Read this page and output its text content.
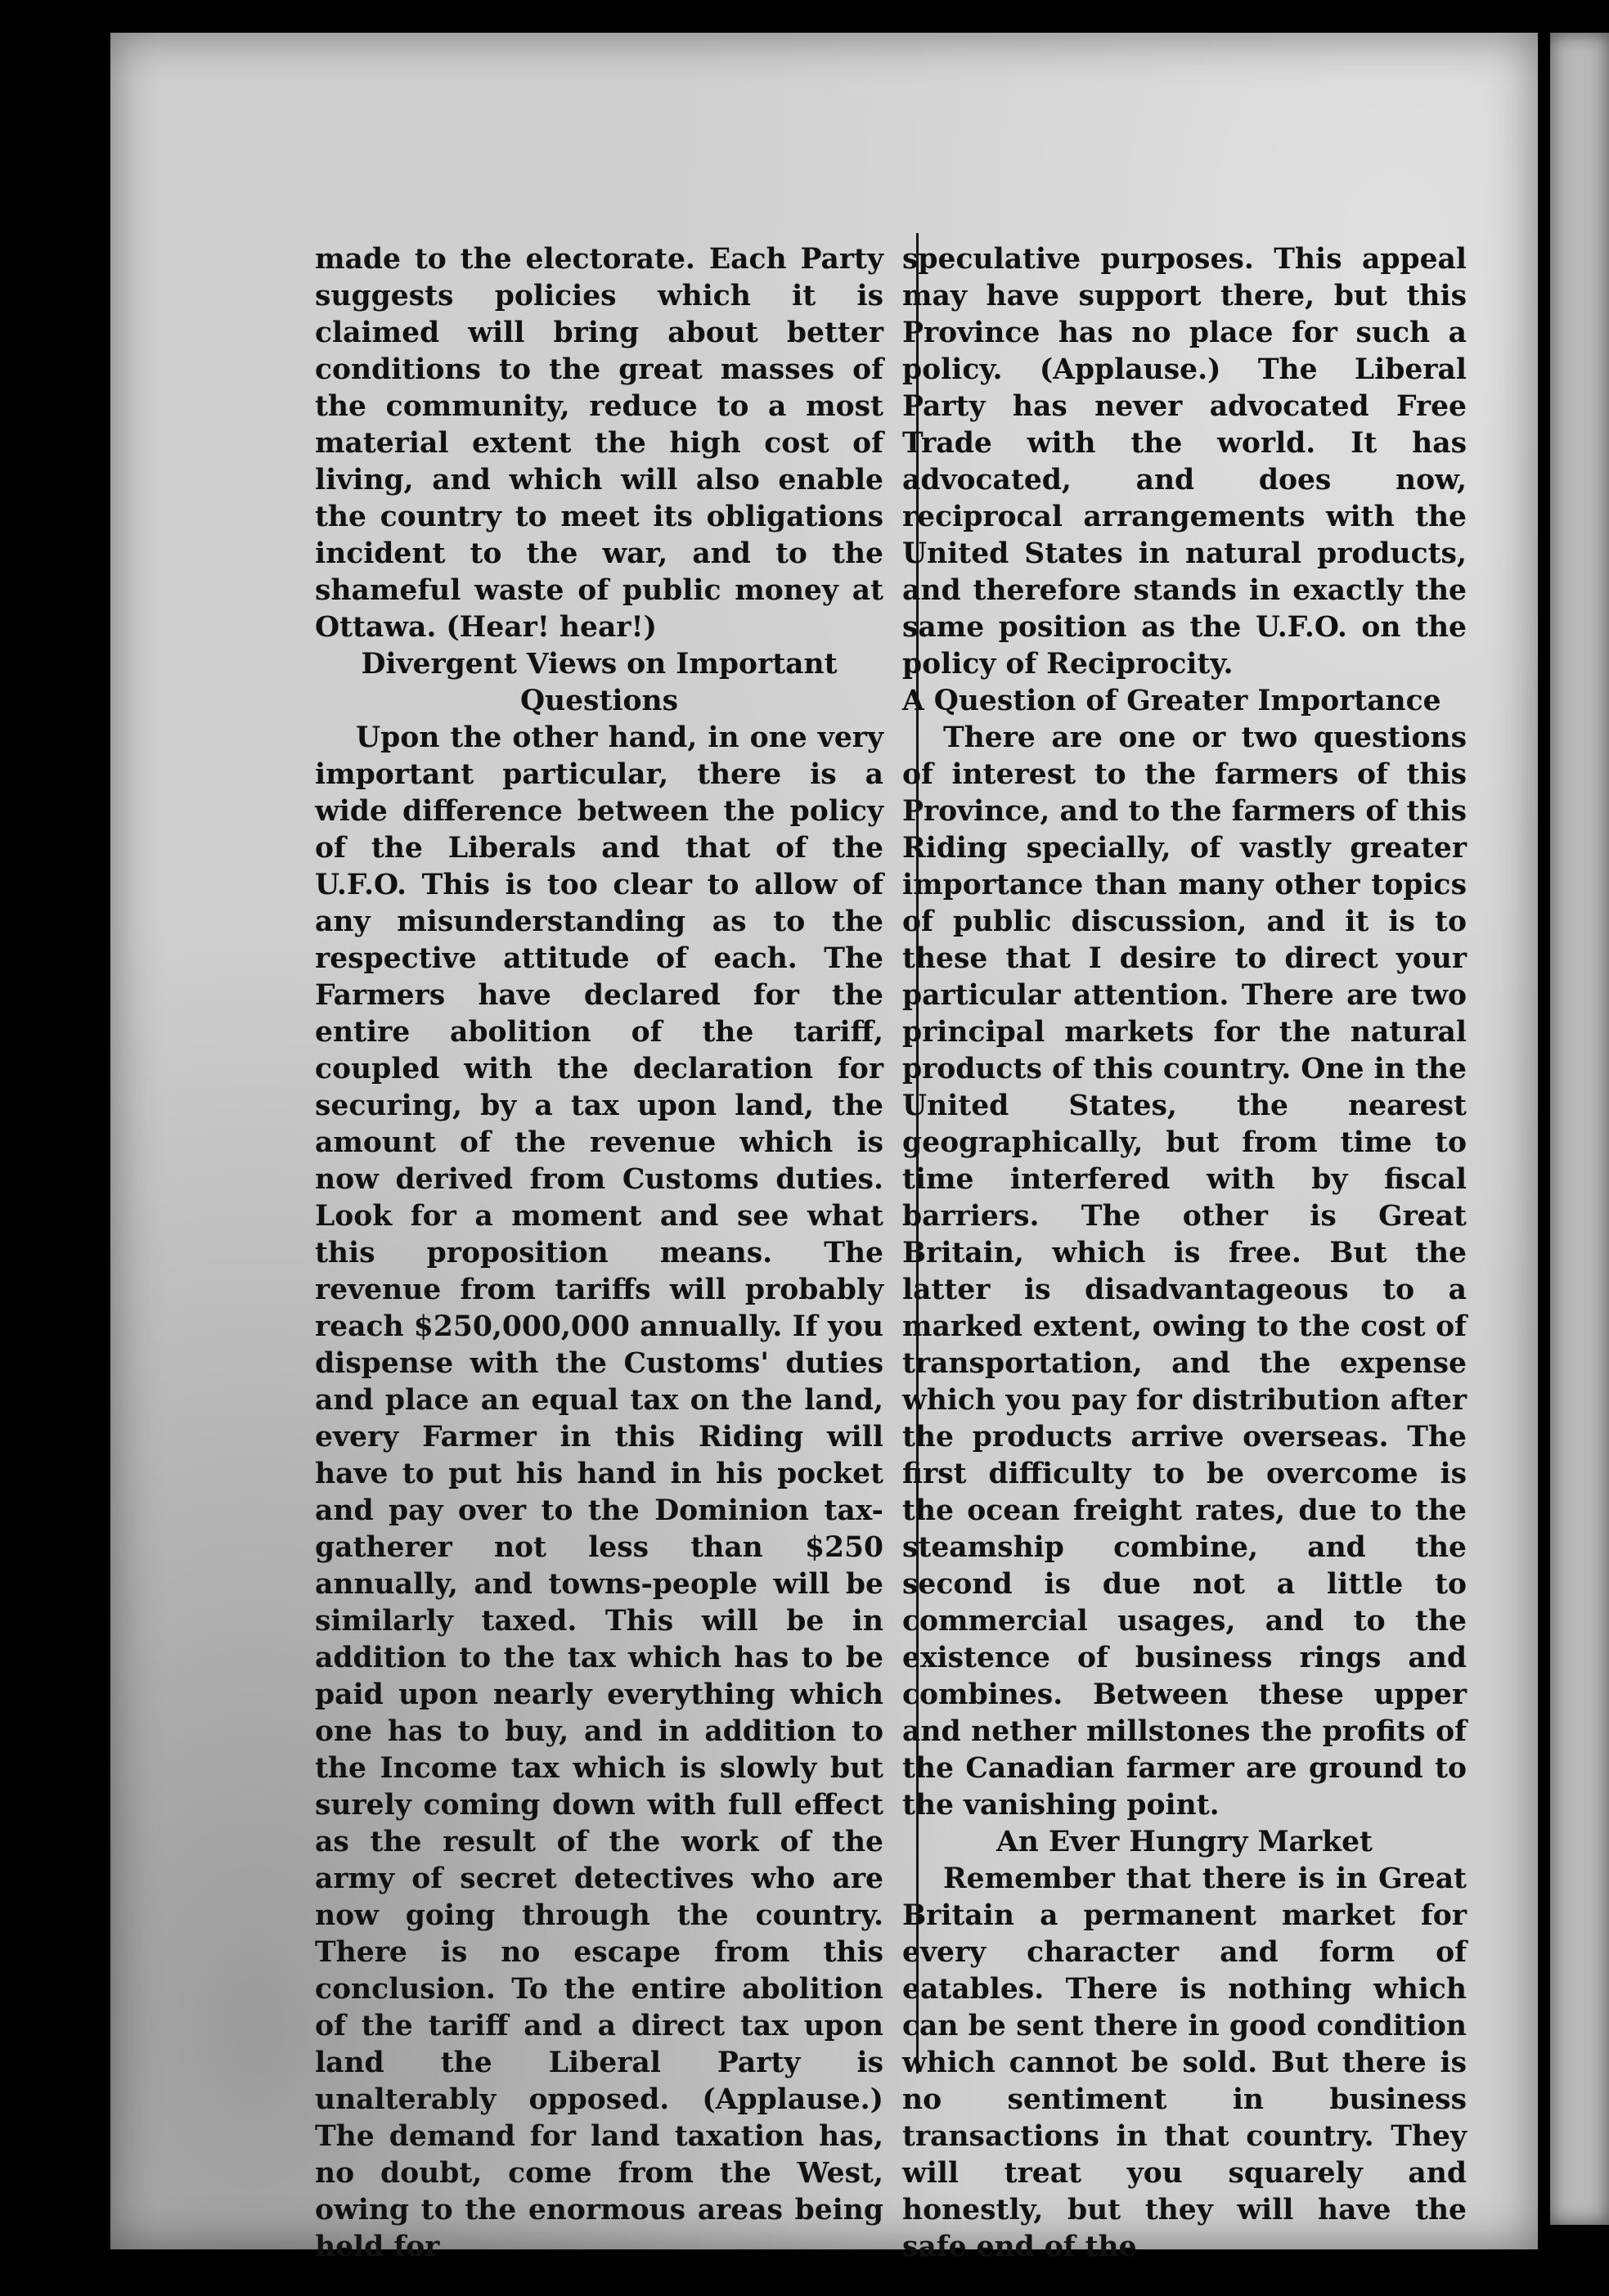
made to the electorate. Each Party suggests policies which it is claimed will bring about better conditions to the great masses of the community, reduce to a most material extent the high cost of living, and which will also enable the country to meet its obligations incident to the war, and to the shameful waste of public money at Ottawa. (Hear! hear!)

Divergent Views on Important Questions

Upon the other hand, in one very important particular, there is a wide difference between the policy of the Liberals and that of the U.F.O. This is too clear to allow of any misunderstanding as to the respective attitude of each. The Farmers have declared for the entire abolition of the tariff, coupled with the declaration for securing, by a tax upon land, the amount of the revenue which is now derived from Customs duties. Look for a moment and see what this proposition means. The revenue from tariffs will probably reach $250,000,000 annually. If you dispense with the Customs' duties and place an equal tax on the land, every Farmer in this Riding will have to put his hand in his pocket and pay over to the Dominion tax-gatherer not less than $250 annually, and towns-people will be similarly taxed. This will be in addition to the tax which has to be paid upon nearly everything which one has to buy, and in addition to the Income tax which is slowly but surely coming down with full effect as the result of the work of the army of secret detectives who are now going through the country. There is no escape from this conclusion. To the entire abolition of the tariff and a direct tax upon land the Liberal Party is unalterably opposed. (Applause.) The demand for land taxation has, no doubt, come from the West, owing to the enormous areas being held for

speculative purposes. This appeal may have support there, but this Province has no place for such a policy. (Applause.) The Liberal Party has never advocated Free Trade with the world. It has advocated, and does now, reciprocal arrangements with the United States in natural products, and therefore stands in exactly the same position as the U.F.O. on the policy of Reciprocity.

A Question of Greater Importance

There are one or two questions of interest to the farmers of this Province, and to the farmers of this Riding specially, of vastly greater importance than many other topics of public discussion, and it is to these that I desire to direct your particular attention. There are two principal markets for the natural products of this country. One in the United States, the nearest geographically, but from time to time interfered with by fiscal barriers. The other is Great Britain, which is free. But the latter is disadvantageous to a marked extent, owing to the cost of transportation, and the expense which you pay for distribution after the products arrive overseas. The first difficulty to be overcome is the ocean freight rates, due to the steamship combine, and the second is due not a little to commercial usages, and to the existence of business rings and combines. Between these upper and nether millstones the profits of the Canadian farmer are ground to the vanishing point.

An Ever Hungry Market

Remember that there is in Great Britain a permanent market for every character and form of eatables. There is nothing which can be sent there in good condition which cannot be sold. But there is no sentiment in business transactions in that country. They will treat you squarely and honestly, but they will have the safe end of the
